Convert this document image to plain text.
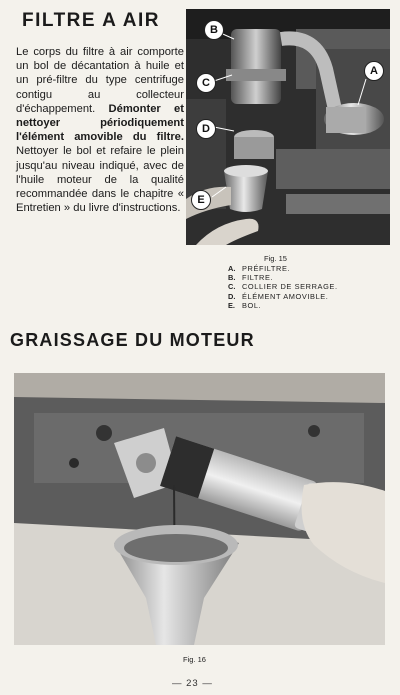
FILTRE A AIR
Le corps du filtre à air comporte un bol de décantation à huile et un pré-filtre du type centrifuge contigu au collecteur d'échappement. Démonter et nettoyer périodiquement l'élément amovible du filtre. Nettoyer le bol et refaire le plein jusqu'au niveau indiqué, avec de l'huile moteur de la qualité recommandée dans le chapitre « Entretien » du livre d'instructions.
B
C
D
A
E
Fig. 15
A. PRÉFILTRE.
B. FILTRE.
C. COLLIER DE SERRAGE.
D. ÉLÉMENT AMOVIBLE.
E. BOL.
GRAISSAGE DU MOTEUR
Fig. 16
— 23 —
